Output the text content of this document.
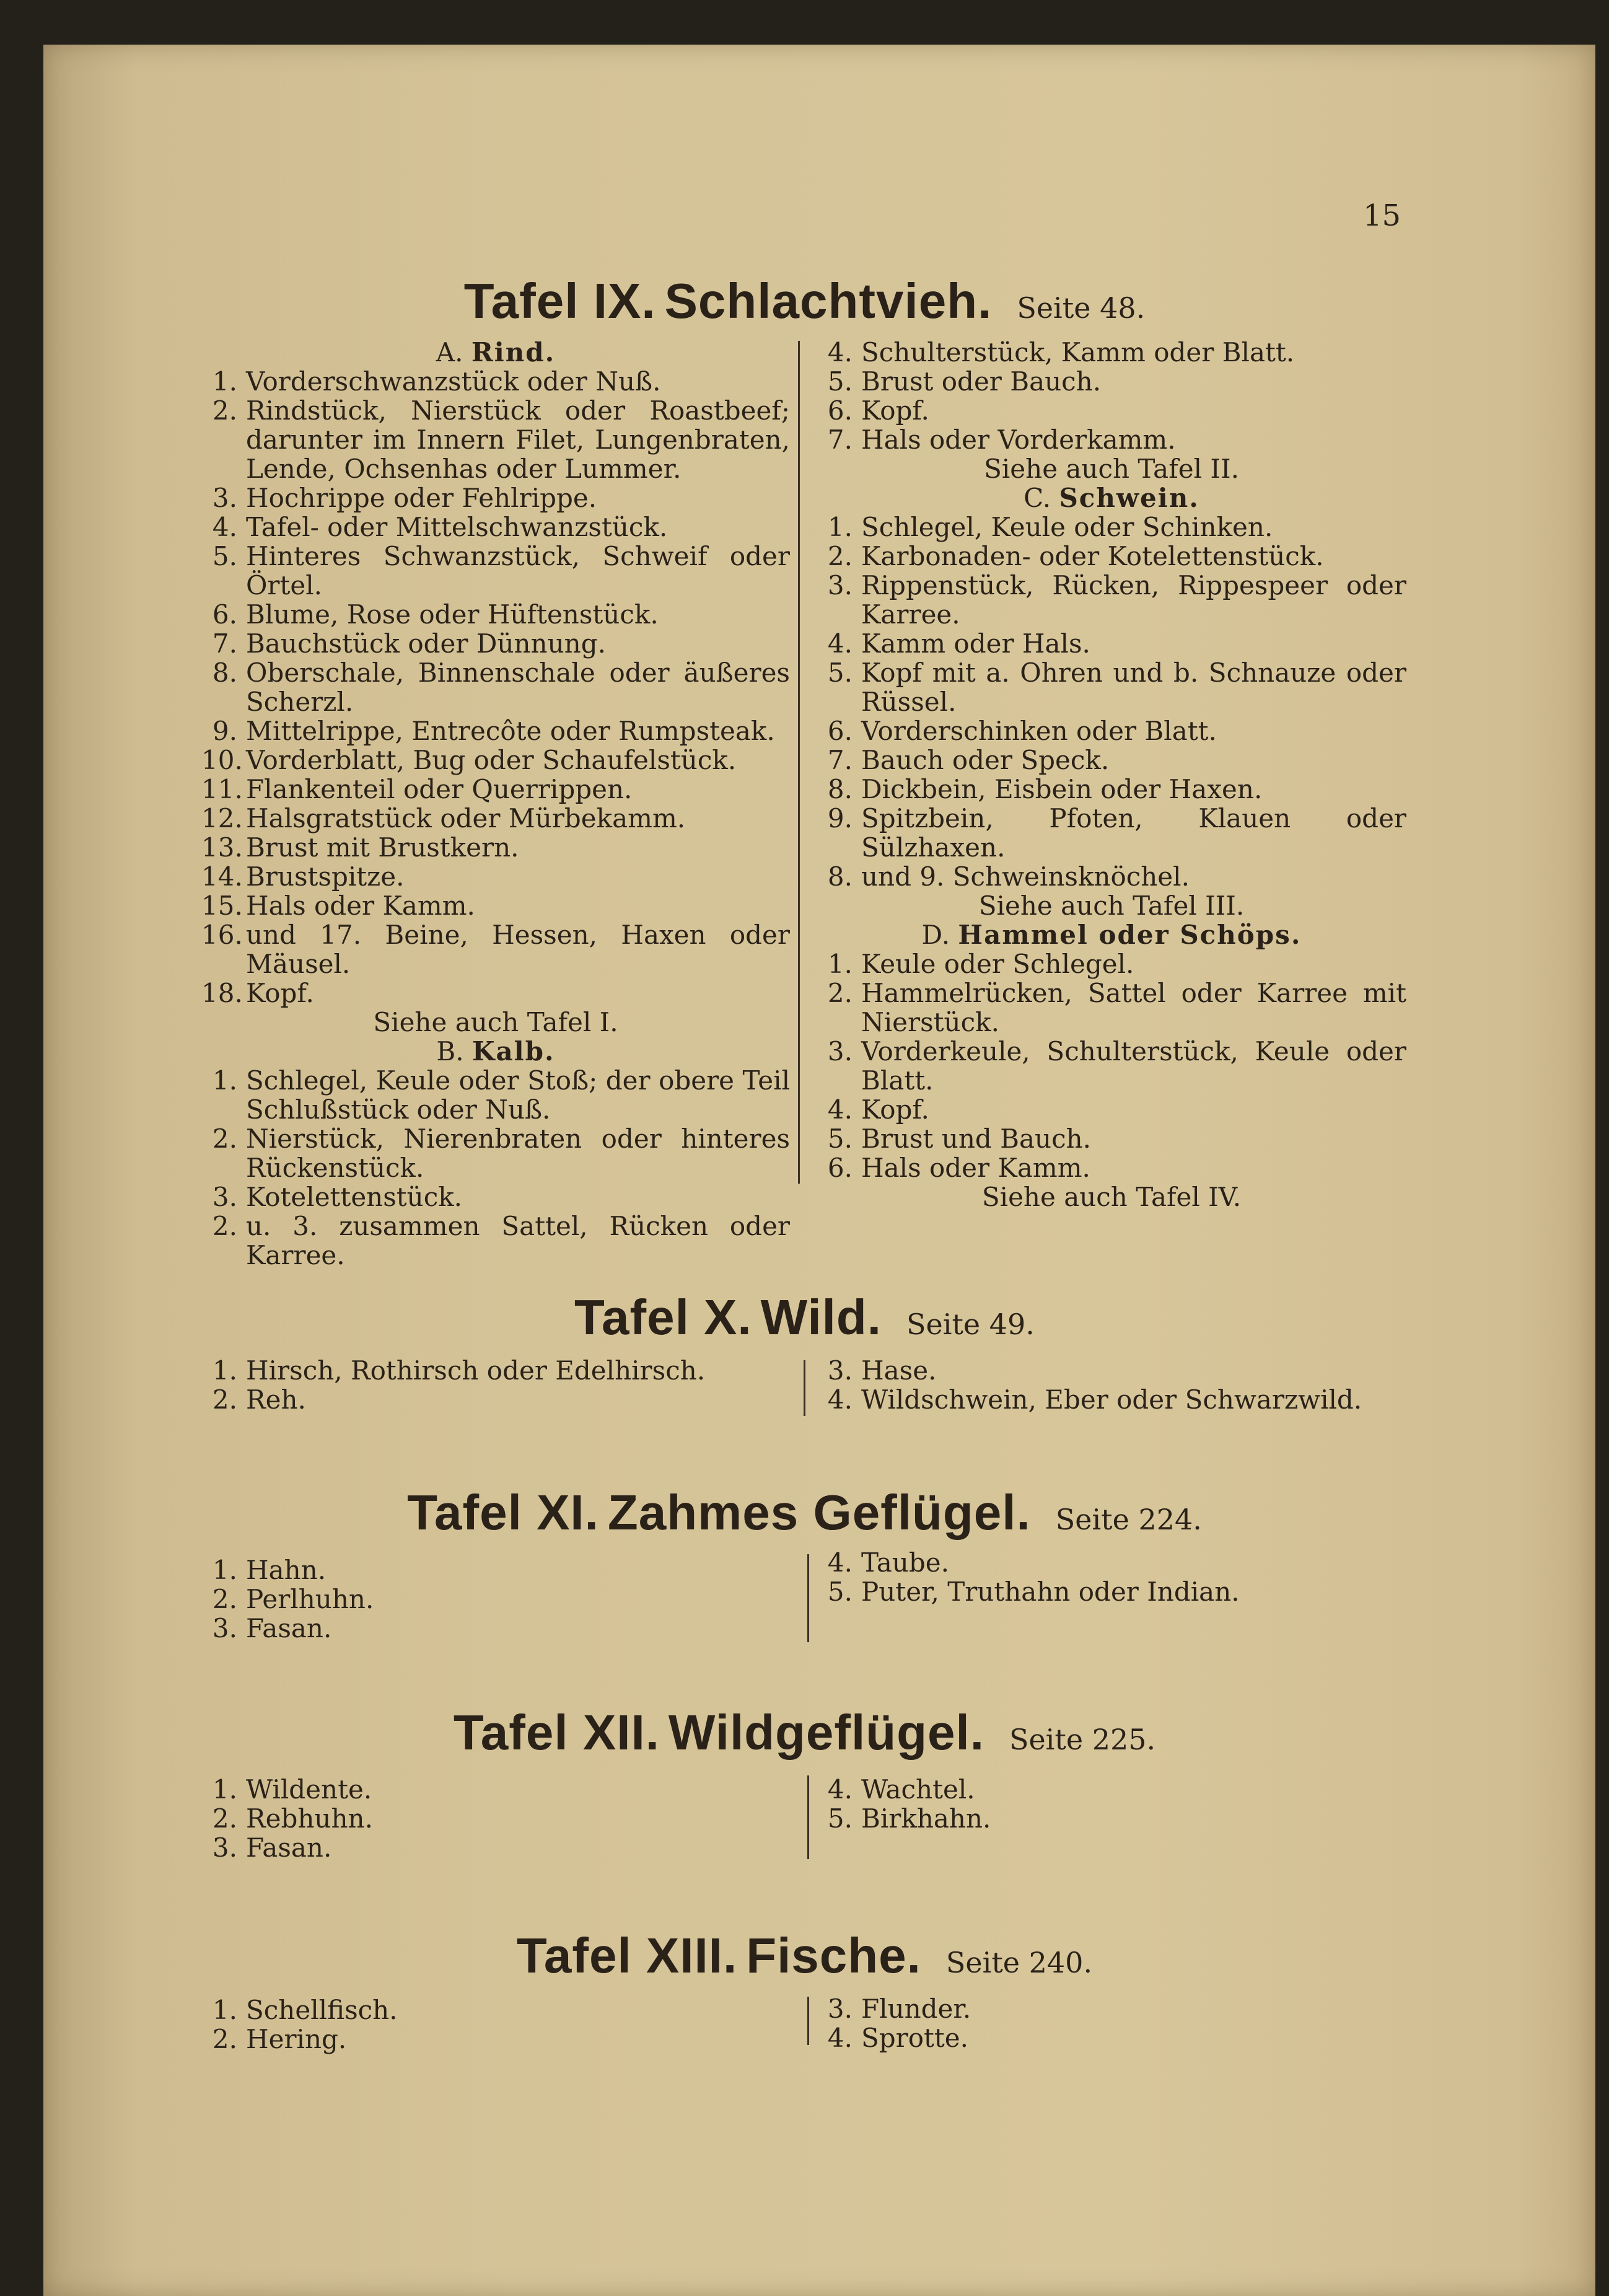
15
Tafel IX. Schlachtvieh. Seite 48.
A. Rind.
1. Vorderschwanzstück oder Nuß.
2. Rindstück, Nierstück oder Roastbeef; darunter im Innern Filet, Lungenbraten, Lende, Ochsenhas oder Lummer.
3. Hochrippe oder Fehlrippe.
4. Tafel- oder Mittelschwanzstück.
5. Hinteres Schwanzstück, Schweif oder Örtel.
6. Blume, Rose oder Hüftenstück.
7. Bauchstück oder Dünnung.
8. Oberschale, Binnenschale oder äußeres Scherzl.
9. Mittelrippe, Entrecôte oder Rumpsteak.
10. Vorderblatt, Bug oder Schaufelstück.
11. Flankenteil oder Querrippen.
12. Halsgratstück oder Mürbekamm.
13. Brust mit Brustkern.
14. Brustspitze.
15. Hals oder Kamm.
16. und 17. Beine, Hessen, Haxen oder Mäusel.
18. Kopf.
Siehe auch Tafel I.
B. Kalb.
1. Schlegel, Keule oder Stoß; der obere Teil Schlußstück oder Nuß.
2. Nierstück, Nierenbraten oder hinteres Rückenstück.
3. Kotelettenstück.
2. u. 3. zusammen Sattel, Rücken oder Karree.
4. Schulterstück, Kamm oder Blatt.
5. Brust oder Bauch.
6. Kopf.
7. Hals oder Vorderkamm.
Siehe auch Tafel II.
C. Schwein.
1. Schlegel, Keule oder Schinken.
2. Karbonaden- oder Kotelettenstück.
3. Rippenstück, Rücken, Rippespeer oder Karree.
4. Kamm oder Hals.
5. Kopf mit a. Ohren und b. Schnauze oder Rüssel.
6. Vorderschinken oder Blatt.
7. Bauch oder Speck.
8. Dickbein, Eisbein oder Haxen.
9. Spitzbein, Pfoten, Klauen oder Sülzhaxen.
8. und 9. Schweinsknöchel.
Siehe auch Tafel III.
D. Hammel oder Schöps.
1. Keule oder Schlegel.
2. Hammelrücken, Sattel oder Karree mit Nierstück.
3. Vorderkeule, Schulterstück, Keule oder Blatt.
4. Kopf.
5. Brust und Bauch.
6. Hals oder Kamm.
Siehe auch Tafel IV.
Tafel X. Wild. Seite 49.
1. Hirsch, Rothirsch oder Edelhirsch.
2. Reh.
3. Hase.
4. Wildschwein, Eber oder Schwarzwild.
Tafel XI. Zahmes Geflügel. Seite 224.
1. Hahn.
2. Perlhuhn.
3. Fasan.
4. Taube.
5. Puter, Truthahn oder Indian.
Tafel XII. Wildgeflügel. Seite 225.
1. Wildente.
2. Rebhuhn.
3. Fasan.
4. Wachtel.
5. Birkhahn.
Tafel XIII. Fische. Seite 240.
1. Schellfisch.
2. Hering.
3. Flunder.
4. Sprotte.
